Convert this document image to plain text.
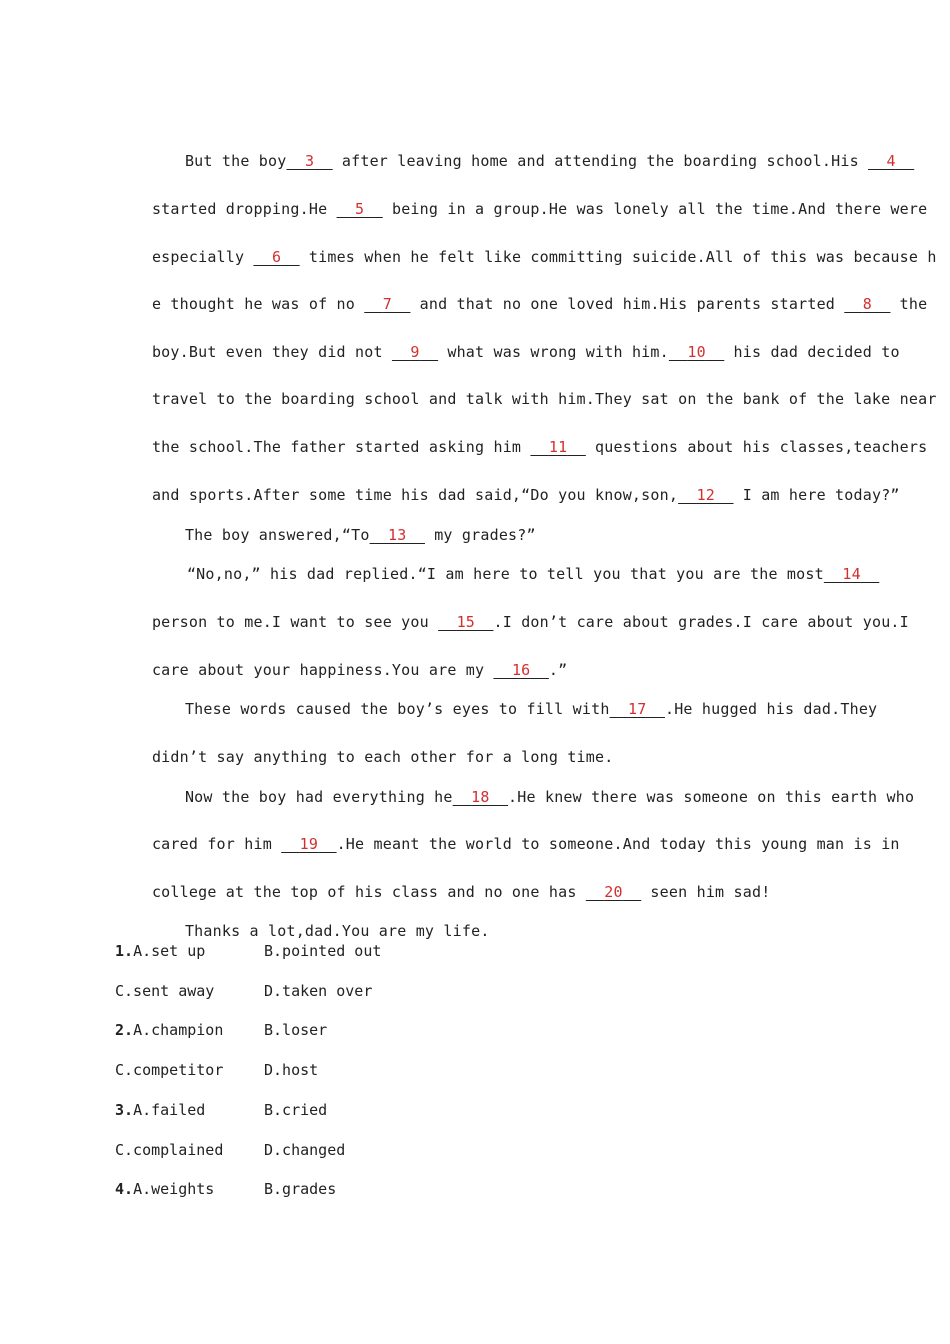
But the boy 3   after leaving home and attending the boarding school.His   4

started dropping.He   5   being in a group.He was lonely all the time.And there were

especially   6   times when he felt like committing suicide.All of this was because h

e thought he was of no   7   and that no one loved him.His parents started   8   the

boy.But even they did not   9   what was wrong with him. 10   his dad decided to

travel to the boarding school and talk with him.They sat on the bank of the lake near

the school.The father started asking him   11   questions about his classes,teachers

and sports.After some time his dad said,“Do you know,son, 12   I am here today?”

The boy answered,“To 13   my grades?”

“No,no,” his dad replied.“I am here to tell you that you are the most 14

person to me.I want to see you   15 .I don’t care about grades.I care about you.I

care about your happiness.You are my   16 .”

These words caused the boy’s eyes to fill with 17 .He hugged his dad.They

didn’t say anything to each other for a long time.

Now the boy had everything he 18 .He knew there was someone on this earth who

cared for him   19 .He meant the world to someone.And today this young man is in

college at the top of his class and no one has   20   seen him sad!

Thanks a lot,dad.You are my life.

1.A.set up	B.pointed out
C.sent away	D.taken over
2.A.champion	B.loser
C.competitor	D.host
3.A.failed	B.cried
C.complained	D.changed
4.A.weights	B.grades
